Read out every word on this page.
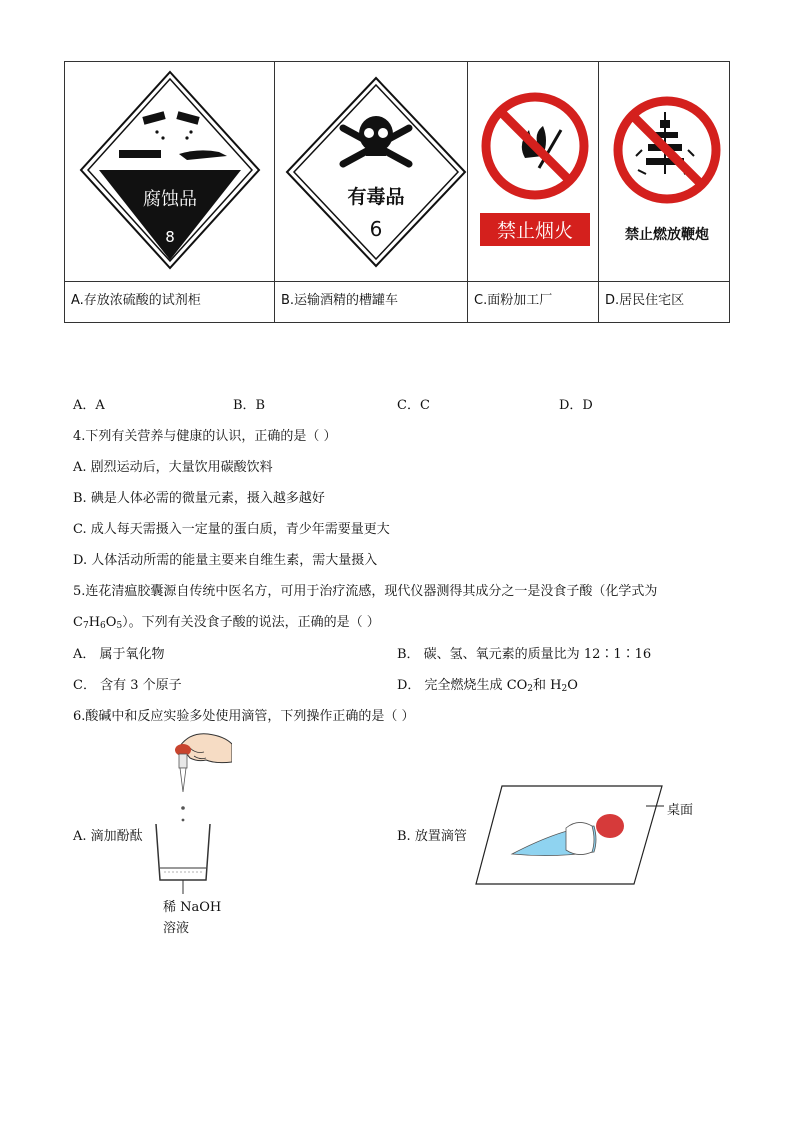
腐蚀品
8
有毒品
6	禁止烟火	禁止燃放鞭炮
A.存放浓硫酸的试剂柜	B.运输酒精的槽罐车	C.面粉加工厂	D.居民住宅区
A．A	B．B	C．C	D．D
4.下列有关营养与健康的认识，正确的是（ ）
A. 剧烈运动后，大量饮用碳酸饮料
B. 碘是人体必需的微量元素，摄入越多越好
C. 成人每天需摄入一定量的蛋白质，青少年需要量更大
D. 人体活动所需的能量主要来自维生素，需大量摄入
5.连花清瘟胶囊源自传统中医名方，可用于治疗流感，现代仪器测得其成分之一是没食子酸（化学式为
$C_7H_6O_5$）。下列有关没食子酸的说法，正确的是（ ）
A． 属于氧化物	B． 碳、氢、氧元素的质量比为 12∶1∶16
C． 含有 3 个原子	D． 完全燃烧生成 $CO_2$和 $H_2O$
6.酸碱中和反应实验多处使用滴管，下列操作正确的是（ ）
A. 滴加酚酞
稀 NaOH
溶液
B. 放置滴管
桌面
